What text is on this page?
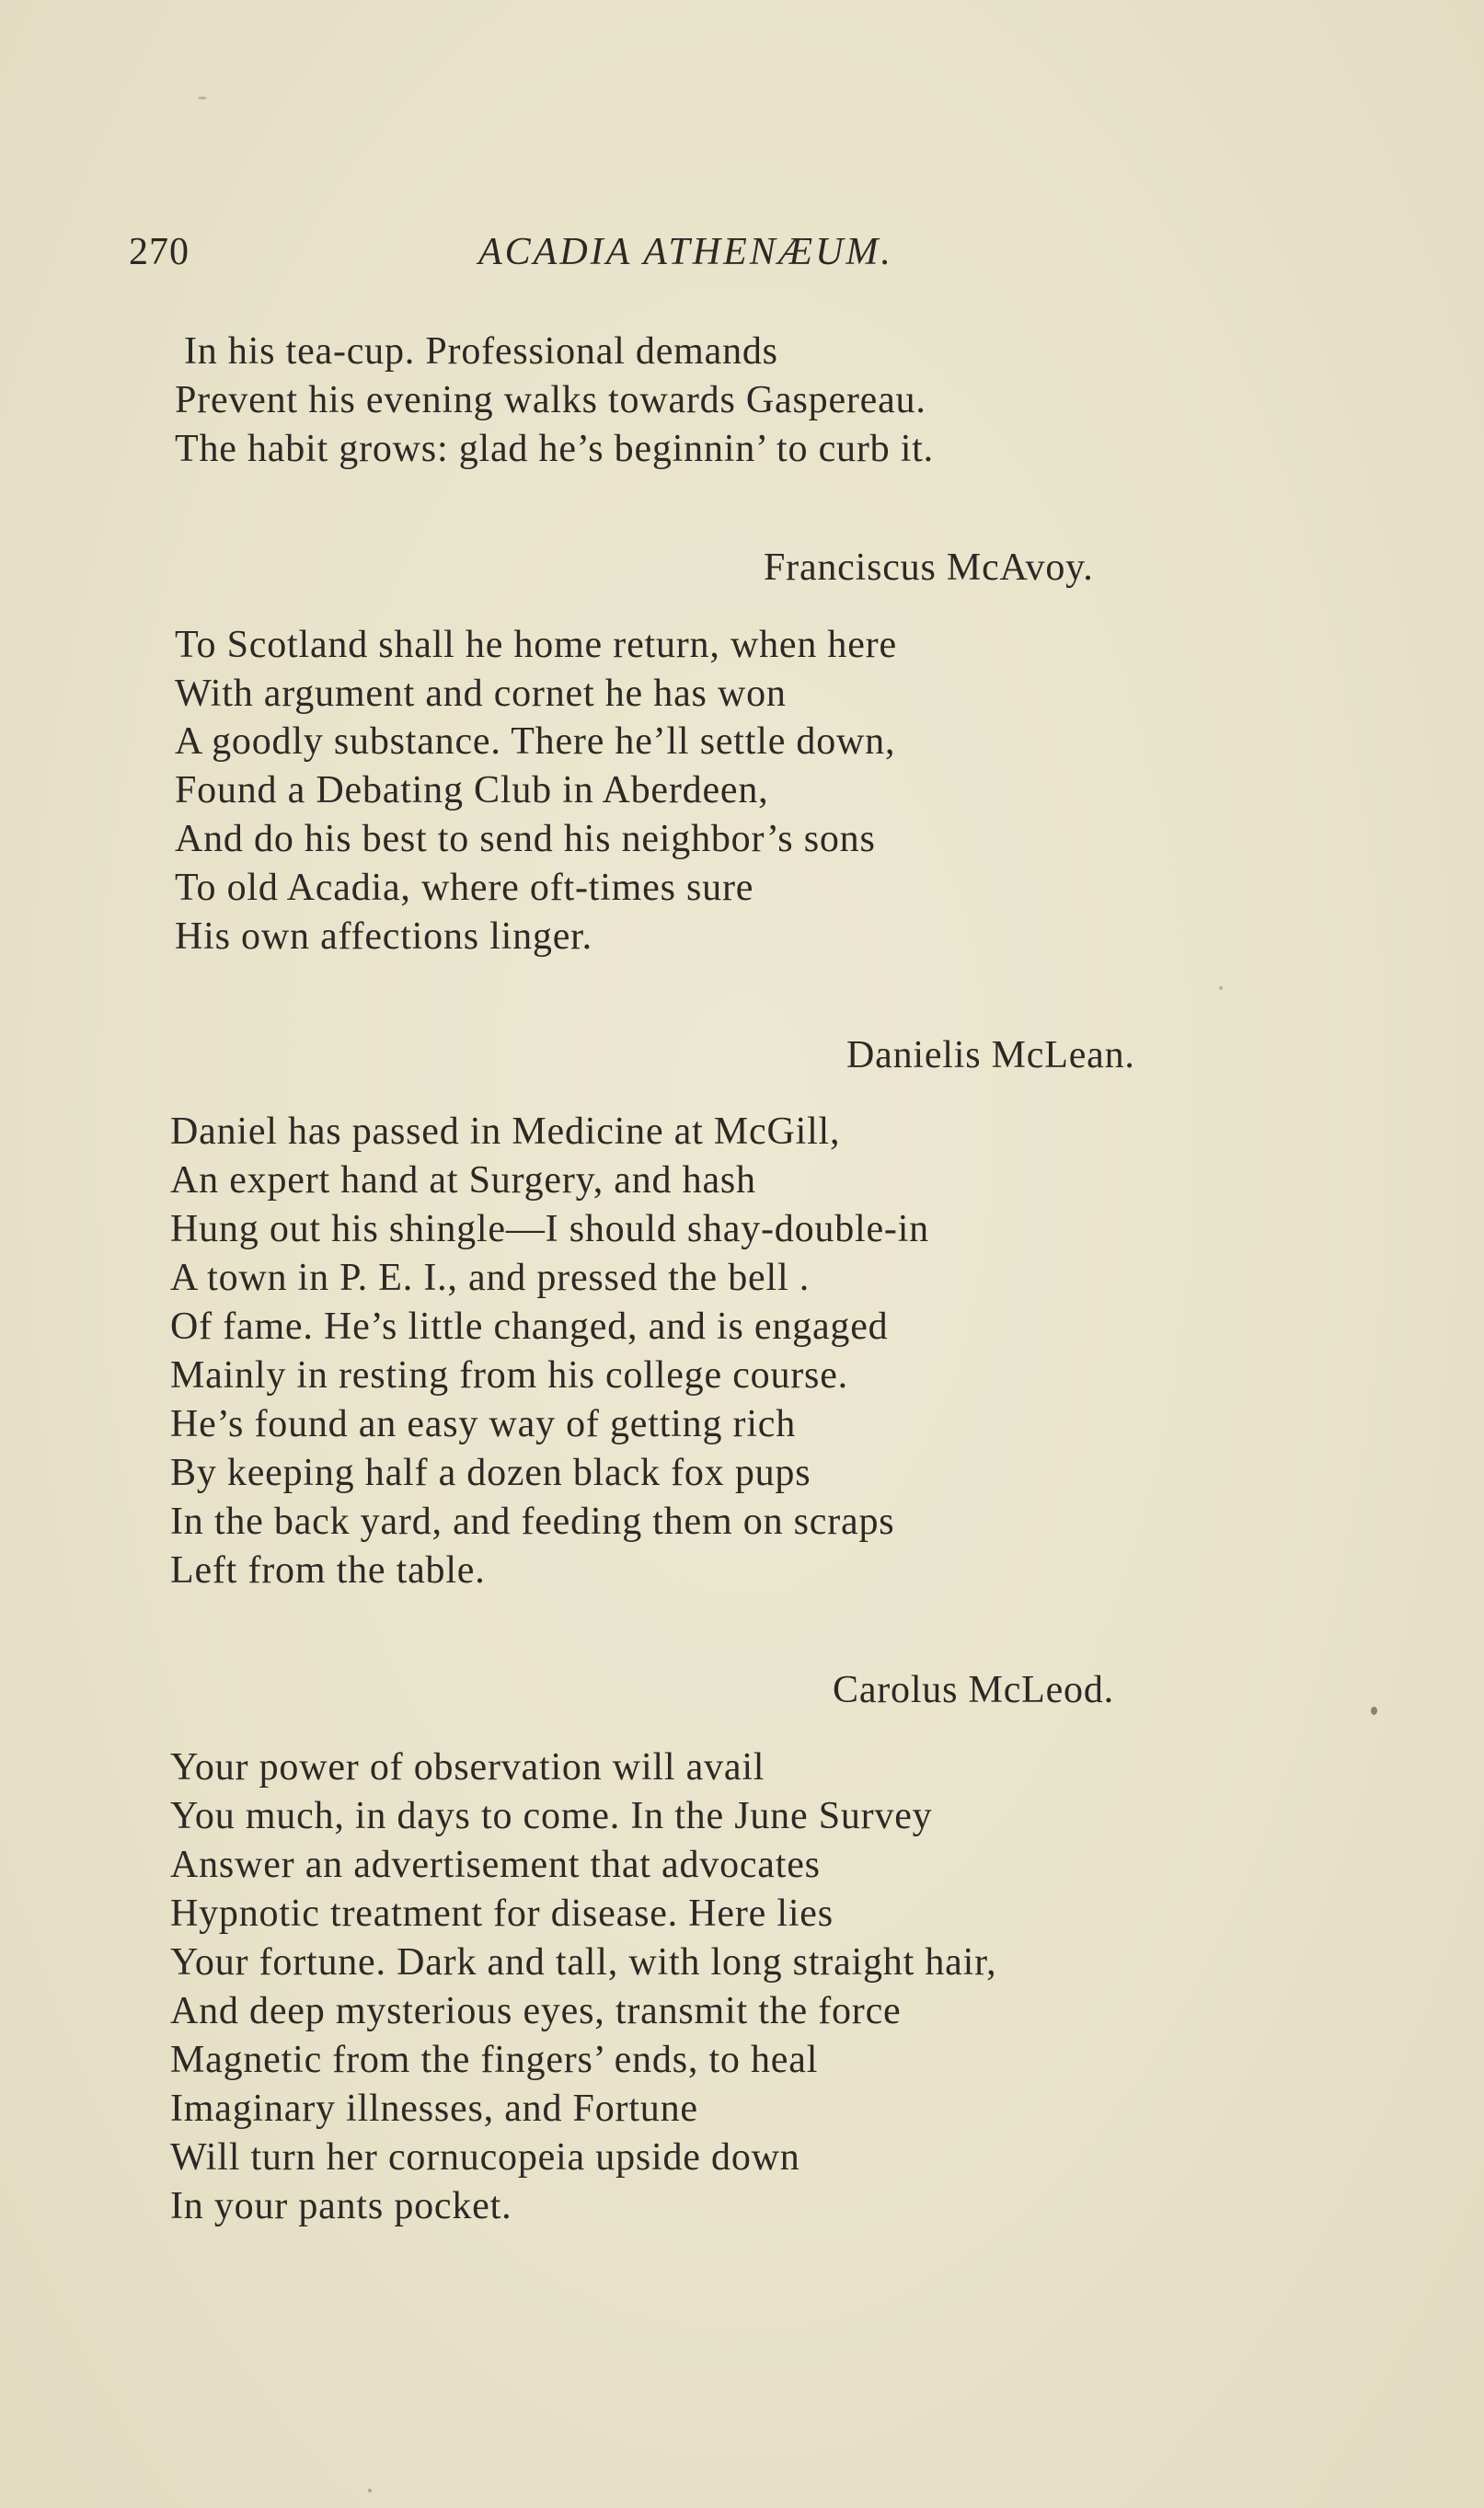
270	ACADIA ATHENÆUM.
In his tea-cup. Professional demands
Prevent his evening walks towards Gaspereau.
The habit grows: glad he’s beginnin’ to curb it.
Franciscus McAvoy.
To Scotland shall he home return, when here
With argument and cornet he has won
A goodly substance. There he’ll settle down,
Found a Debating Club in Aberdeen,
And do his best to send his neighbor’s sons
To old Acadia, where oft-times sure
His own affections linger.
Danielis McLean.
Daniel has passed in Medicine at McGill,
An expert hand at Surgery, and hash
Hung out his shingle—I should shay-double-in
A town in P. E. I., and pressed the bell .
Of fame. He’s little changed, and is engaged
Mainly in resting from his college course.
He’s found an easy way of getting rich
By keeping half a dozen black fox pups
In the back yard, and feeding them on scraps
Left from the table.
Carolus McLeod.
Your power of observation will avail
You much, in days to come. In the June Survey
Answer an advertisement that advocates
Hypnotic treatment for disease. Here lies
Your fortune. Dark and tall, with long straight hair,
And deep mysterious eyes, transmit the force
Magnetic from the fingers’ ends, to heal
Imaginary illnesses, and Fortune
Will turn her cornucopeia upside down
In your pants pocket.
